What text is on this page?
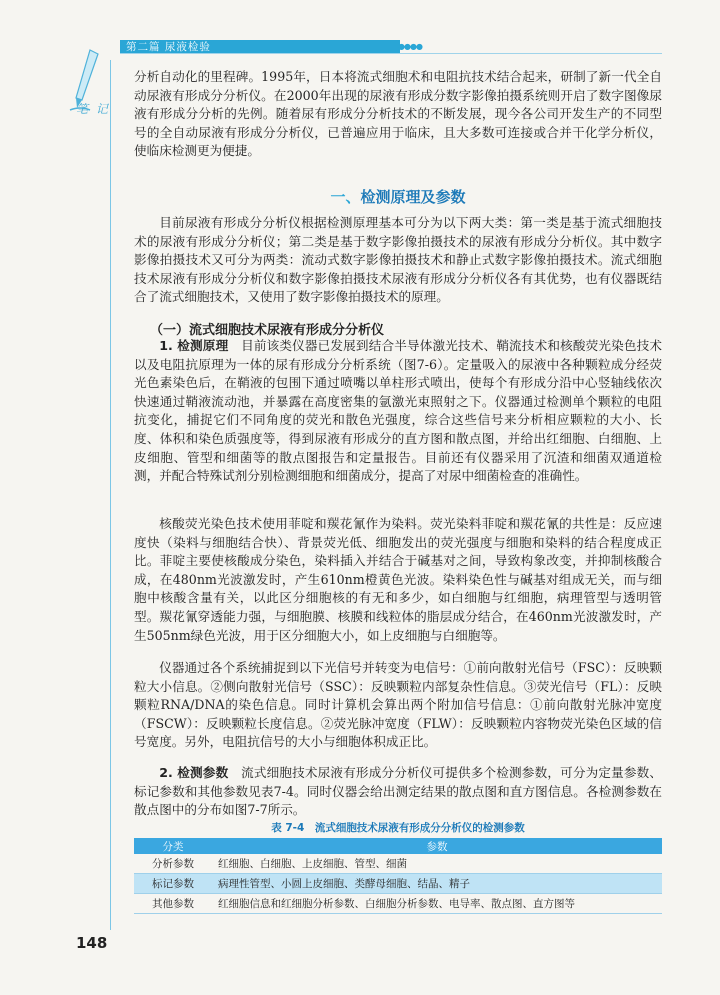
第二篇 尿液检验	●●●●
笔 记

分析自动化的里程碑。1995年，日本将流式细胞术和电阻抗技术结合起来，研制了新一代全自动尿液有形成分分析仪。在2000年出现的尿液有形成分数字影像拍摄系统则开启了数字图像尿液有形成分分析的先例。随着尿有形成分分析技术的不断发展，现今各公司开发生产的不同型号的全自动尿液有形成分分析仪，已普遍应用于临床，且大多数可连接或合并干化学分析仪，使临床检测更为便捷。

一、检测原理及参数

目前尿液有形成分分析仪根据检测原理基本可分为以下两大类：第一类是基于流式细胞技术的尿液有形成分分析仪；第二类是基于数字影像拍摄技术的尿液有形成分分析仪。其中数字影像拍摄技术又可分为两类：流动式数字影像拍摄技术和静止式数字影像拍摄技术。流式细胞技术尿液有形成分分析仪和数字影像拍摄技术尿液有形成分分析仪各有其优势，也有仪器既结合了流式细胞技术，又使用了数字影像拍摄技术的原理。

（一）流式细胞技术尿液有形成分分析仪

1. 检测原理　 目前该类仪器已发展到结合半导体激光技术、鞘流技术和核酸荧光染色技术以及电阻抗原理为一体的尿有形成分分析系统（图7-6）。定量吸入的尿液中各种颗粒成分经荧光色素染色后，在鞘液的包围下通过喷嘴以单柱形式喷出，使每个有形成分沿中心竖轴线依次快速通过鞘液流动池，并暴露在高度密集的氩激光束照射之下。仪器通过检测单个颗粒的电阻抗变化，捕捉它们不同角度的荧光和散色光强度，综合这些信号来分析相应颗粒的大小、长度、体积和染色质强度等，得到尿液有形成分的直方图和散点图，并给出红细胞、白细胞、上皮细胞、管型和细菌等的散点图报告和定量报告。目前还有仪器采用了沉渣和细菌双通道检测，并配合特殊试剂分别检测细胞和细菌成分，提高了对尿中细菌检查的准确性。

核酸荧光染色技术使用菲啶和羰花氰作为染料。荧光染料菲啶和羰花氰的共性是：反应速度快（染料与细胞结合快）、背景荧光低、细胞发出的荧光强度与细胞和染料的结合程度成正比。菲啶主要使核酸成分染色，染料插入并结合于碱基对之间，导致构象改变，并抑制核酸合成，在480nm光波激发时，产生610nm橙黄色光波。染料染色性与碱基对组成无关，而与细胞中核酸含量有关，以此区分细胞核的有无和多少，如白细胞与红细胞，病理管型与透明管型。羰花氰穿透能力强，与细胞膜、核膜和线粒体的脂层成分结合，在460nm光波激发时，产生505nm绿色光波，用于区分细胞大小，如上皮细胞与白细胞等。

仪器通过各个系统捕捉到以下光信号并转变为电信号：①前向散射光信号（FSC）：反映颗粒大小信息。②侧向散射光信号（SSC）：反映颗粒内部复杂性信息。③荧光信号（FL）：反映颗粒RNA/DNA的染色信息。同时计算机会算出两个附加信号信息：①前向散射光脉冲宽度（FSCW）：反映颗粒长度信息。②荧光脉冲宽度（FLW）：反映颗粒内容物荧光染色区域的信号宽度。另外，电阻抗信号的大小与细胞体积成正比。

2. 检测参数　 流式细胞技术尿液有形成分分析仪可提供多个检测参数，可分为定量参数、标记参数和其他参数见表7-4。同时仪器会给出测定结果的散点图和直方图信息。各检测参数在散点图中的分布如图7-7所示。

表 7-4　流式细胞技术尿液有形成分分析仪的检测参数
分类	参数
分析参数	红细胞、白细胞、上皮细胞、管型、细菌
标记参数	病理性管型、小圆上皮细胞、类酵母细胞、结晶、精子
其他参数	红细胞信息和红细胞分析参数、白细胞分析参数、电导率、散点图、直方图等
148
